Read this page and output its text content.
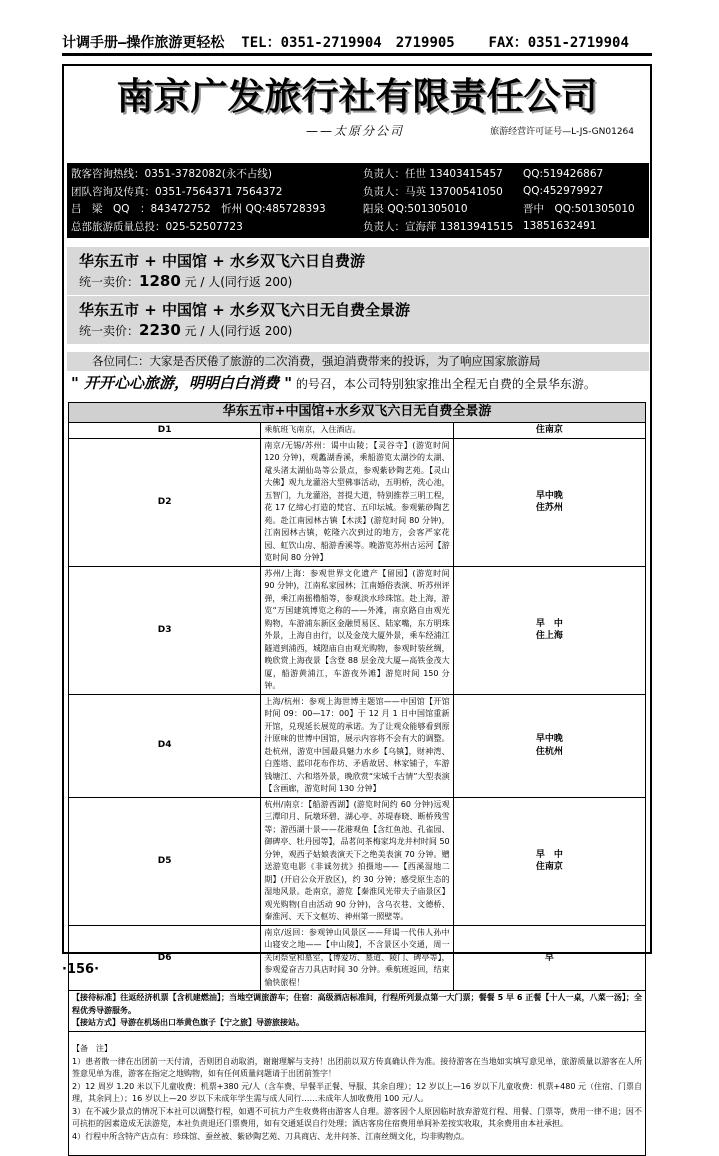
计调手册—操作旅游更轻松 TEL：0351-2719904　2719905 FAX：0351-2719904
南京广发旅行社有限责任公司
——太原分公司	旅游经营许可证号—L-JS-GN01264
散客咨询热线：0351-3782082(永不占线)	负责人：任世 13403415457	QQ:519426867
团队咨询及传真：0351-7564371 7564372	负责人：马英 13700541050	QQ:452979927
吕　梁　QQ　：843472752　忻州 QQ:485728393	阳泉 QQ:501305010	晋中　QQ:501305010
总部旅游质量总投：025-52507723	负责人：宣海萍 13813941515 13851632491
华东五市 + 中国馆 + 水乡双飞六日自费游
统一卖价：1280 元 / 人(同行返 200)
华东五市 + 中国馆 + 水乡双飞六日无自费全景游
统一卖价：2230 元 / 人(同行返 200)
各位同仁：大家是否厌倦了旅游的二次消费，强迫消费带来的投诉，为了响应国家旅游局
" 开开心心旅游，明明白白消费 " 的号召，本公司特别独家推出全程无自费的全景华东游。
华东五市+中国馆+水乡双飞六日无自费全景游		
D1	乘航班飞南京，入住酒店。	住南京
D2	南京/无锡/苏州：谒中山陵；【灵谷寺】(游览时间 120 分钟)，观蠡湖香溪，乘船游览太湖沙的太湖、鼋头渚太湖仙岛等公景点，参观紫砂陶艺苑。【灵山大佛】观九龙灌浴大型佛事活动，五明桥，洗心池，五智门，九龙灌浴，菩提大道，特别推荐三明工程，花 17 亿缔心打造的梵宫、五印坛城。参观紫砂陶艺苑。赴江南园林古镇【木渎】(游览时间 80 分钟)，江南园林古镇，乾隆六次到过的地方，会客严家花园、虹饮山房、船游香溪等。晚游览苏州古运河【游览时间 80 分钟】	早中晚
住苏州
D3	苏州/上海：参观世界文化遗产【留园】(游览时间 90 分钟)，江南私家园林；江南婚俗表演、听苏州评弹，乘江南摇橹船等，参观淡水珍珠馆。赴上海，游览“万国建筑博览之称的——外滩，南京路自由观光购物，车游浦东新区金融贸易区、陆家嘴，东方明珠外景，上海自由行，以及金茂大厦外景，乘车经浦江隧道到浦西，城隍庙自由观光购物，参观时装丝绸，晚欣赏上海夜景【含登 88 层金茂大厦—高铁金茂大厦，船游黄浦江，车游夜外滩】游览时间 150 分钟。	早　中
住上海
D4	上海/杭州：参观上海世博主题馆——中国馆【开馆时间 09：00—17：00】于 12 月 1 日中国馆重新开馆，兑现延长展览的承诺。为了让观众能够看到原汁原味的世博中国馆，展示内容将不会有大的调整。赴杭州，游览中国最具魅力水乡【乌镇】，财神湾、白莲塔、蓝印花布作坊、矛盾故居、林家铺子，车游钱塘江、六和塔外景，晚欣赏“宋城千古情”大型表演【含画廊，游览时间 130 分钟】	早中晚
住杭州
D5	杭州/南京：【船游西湖】(游览时间约 60 分钟)远观三潭印月、阮墩环碧、湖心亭、苏堤春晓、断桥残雪等；游西湖十景——花港观鱼【含红鱼池、孔雀园、御碑亭、牡丹园等】，品茗问茶梅家坞龙井村时间 50 分钟，观西子姑娘表演天下之绝美表演 70 分钟。赠送游览电影《非诚勿扰》拍摄地——【西溪湿地二期】(开启公众开放区)，约 30 分钟；感受原生态的湿地风景。赴南京，游览【秦淮风光带夫子庙景区】观光购物(自由活动 90 分钟)，含乌衣巷、文德桥、秦淮河、天下文枢坊、神州第一照壁等。	早　中
住南京
D6	南京/返回：参观钟山风景区——拜谒一代伟人孙中山寝安之地——【中山陵】，不含景区小交通，周一关闭祭堂和墓室，【博爱坊、墓道、陵门、碑亭等】，参观爱奋吉刀具店时间 30 分钟。乘航班返回，结束愉快旅程！	早
【接待标准】往返经济机票【含机建燃油】；当地空调旅游车；住宿：高级酒店标准间，行程所列景点第一大门票；餐餐 5 早 6 正餐【十人一桌，八菜一汤】；全程优秀导游服务。
【接站方式】导游在机场出口举黄色旗子【宁之旅】导游旅接站。		
【备　注】
1）患者散一律在出团前一天付清，否则团自动取消，谢谢理解与支持！出团前以双方传真确认件为准。接待游客在当地如实填写意见单，旅游质量以游客在人所签意见单为准，游客在指定之地购物，如有任何质量问题请于出团前签字！
2）12 周岁 1.20 米以下儿童收费：机票+380 元/人（含车费、早餐半正餐、导服、其余自理）；12 岁以上—16 岁以下儿童收费：机票+480 元（住宿、门票自理，其余同上）；16 岁以上—20 岁以下未成年学生需与成人同行……未成年人加收费用 100 元/人。
3）在不减少景点的情况下本社可以调整行程，如遇不可抗力产生收费将由游客人自理。游客因个人原因临时放弃游览行程、用餐、门票等，费用一律不退；因不可抗拒的因素造成无法游览，本社负责退还门票费用，如有交通延误自行处理；酒店客房住宿费用单间补差按实收取，其余费用由本社承担。
4）行程中所含特产店点有：珍珠馆、蚕丝被、紫砂陶艺苑、刀具商店、龙井问茶、江南丝绸文化，均非购物点。		
·156·
